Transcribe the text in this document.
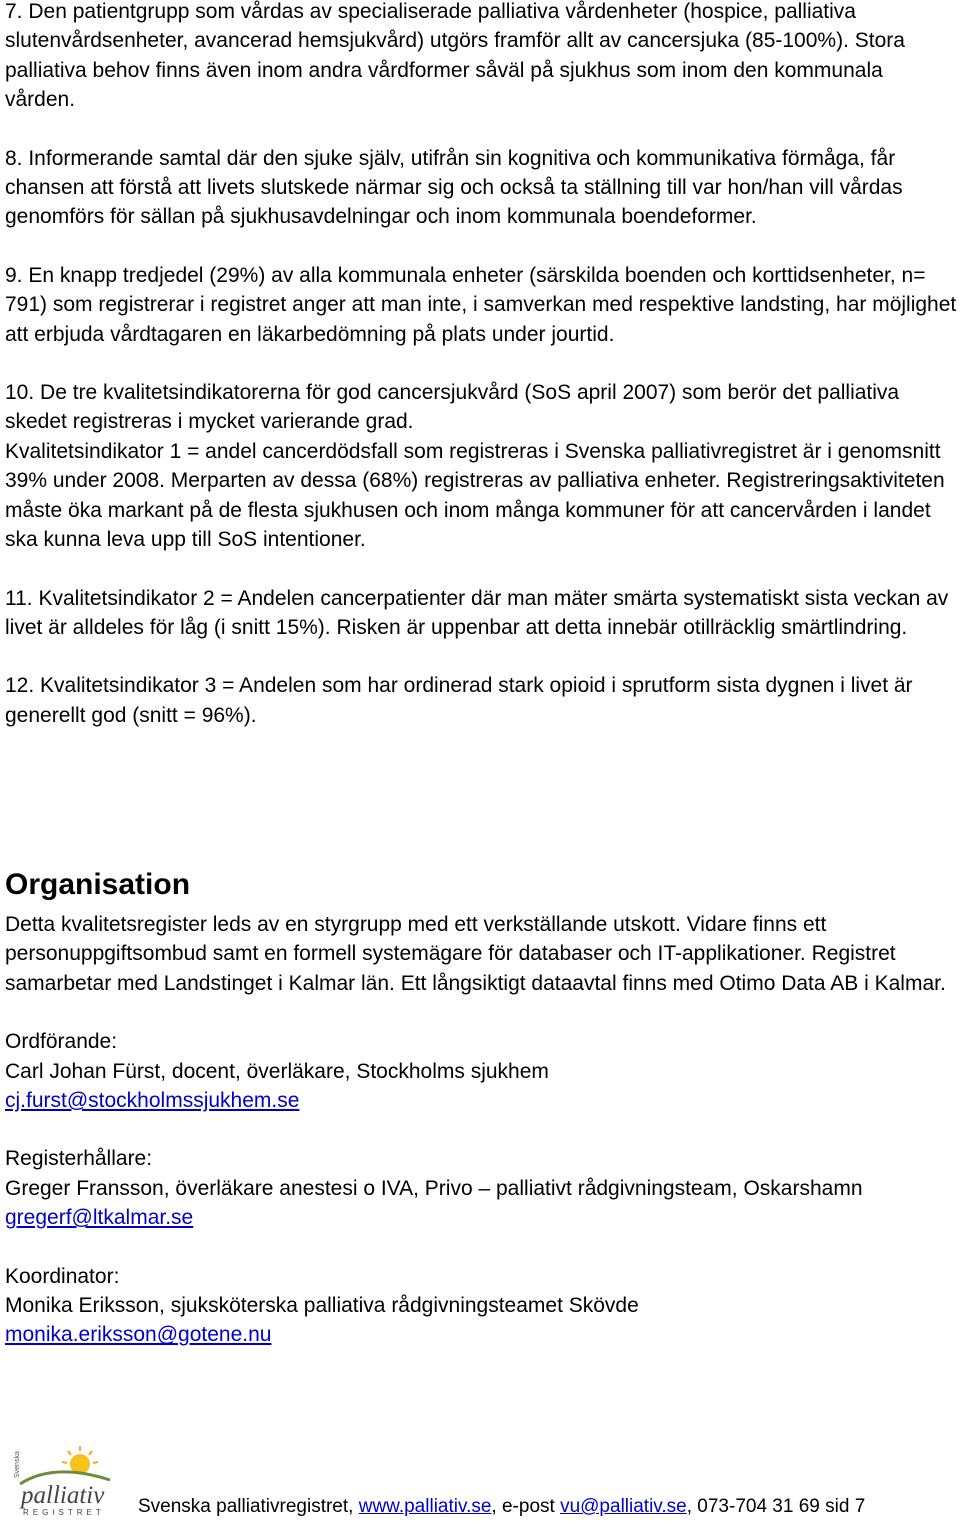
7. Den patientgrupp som vårdas av specialiserade palliativa vårdenheter (hospice, palliativa slutenvårdsenheter, avancerad hemsjukvård) utgörs framför allt av cancersjuka (85-100%). Stora palliativa behov finns även inom andra vårdformer såväl på sjukhus som inom den kommunala vården.

8. Informerande samtal där den sjuke själv, utifrån sin kognitiva och kommunikativa förmåga, får chansen att förstå att livets slutskede närmar sig och också ta ställning till var hon/han vill vårdas genomförs för sällan på sjukhusavdelningar och inom kommunala boendeformer.

9. En knapp tredjedel (29%) av alla kommunala enheter (särskilda boenden och korttidsenheter, n= 791) som registrerar i registret anger att man inte, i samverkan med respektive landsting, har möjlighet att erbjuda vårdtagaren en läkarbedömning på plats under jourtid.

10. De tre kvalitetsindikatorerna för god cancersjukvård (SoS april 2007) som berör det palliativa skedet registreras i mycket varierande grad.

Kvalitetsindikator 1 = andel cancerdödsfall som registreras i Svenska palliativregistret är i genomsnitt 39% under 2008. Merparten av dessa (68%) registreras av palliativa enheter. Registreringsaktiviteten måste öka markant på de flesta sjukhusen och inom många kommuner för att cancervården i landet ska kunna leva upp till SoS intentioner.

11. Kvalitetsindikator 2 = Andelen cancerpatienter där man mäter smärta systematiskt sista veckan av livet är alldeles för låg (i snitt 15%). Risken är uppenbar att detta innebär otillräcklig smärtlindring.

12. Kvalitetsindikator 3 = Andelen som har ordinerad stark opioid i sprutform sista dygnen i livet är generellt god (snitt = 96%).

Organisation

Detta kvalitetsregister leds av en styrgrupp med ett verkställande utskott. Vidare finns ett personuppgiftsombud samt en formell systemägare för databaser och IT-applikationer. Registret samarbetar med Landstinget i Kalmar län. Ett långsiktigt dataavtal finns med Otimo Data AB i Kalmar.

Ordförande:

Carl Johan Fürst, docent, överläkare, Stockholms sjukhem

cj.furst@stockholmssjukhem.se

Registerhållare:

Greger Fransson, överläkare anestesi o IVA, Privo – palliativt rådgivningsteam, Oskarshamn

gregerf@ltkalmar.se

Koordinator:

Monika Eriksson, sjuksköterska palliativa rådgivningsteamet Skövde

monika.eriksson@gotene.nu

Svenska
palliativ
REGISTRET Svenska palliativregistret, www.palliativ.se, e-post vu@palliativ.se, 073-704 31 69 sid 7
